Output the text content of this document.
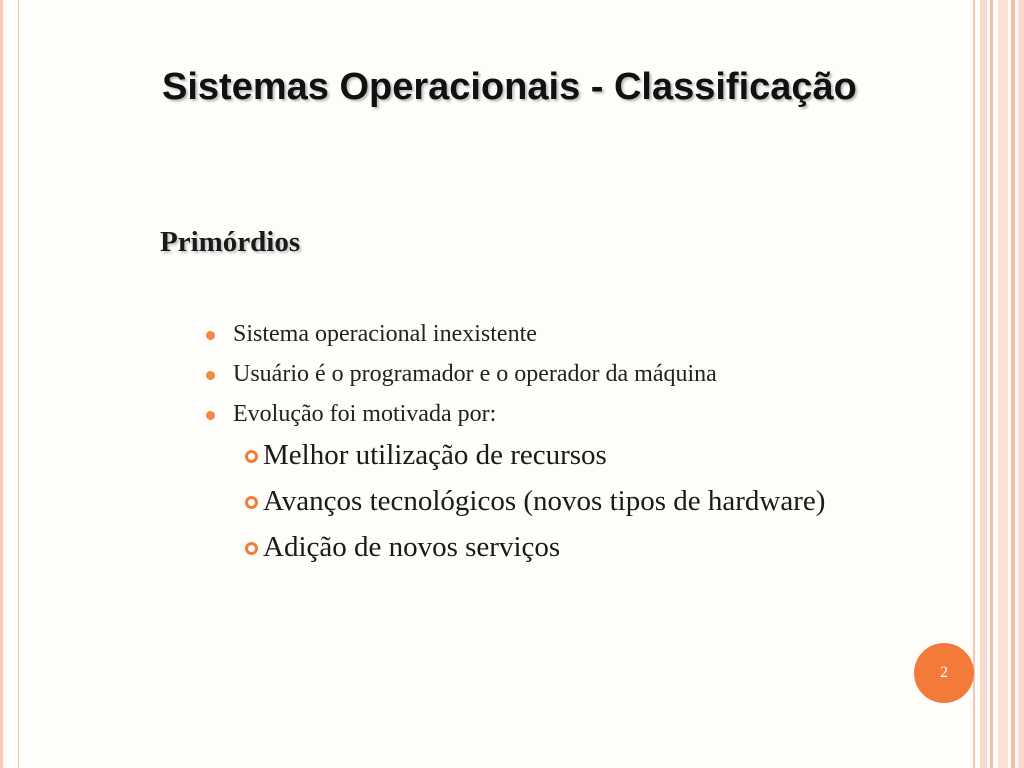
Sistemas Operacionais - Classificação
Primórdios
Sistema operacional inexistente
Usuário é o programador e o operador da máquina
Evolução foi motivada por:
Melhor utilização de recursos
Avanços tecnológicos (novos tipos de hardware)
Adição de novos serviços
2
